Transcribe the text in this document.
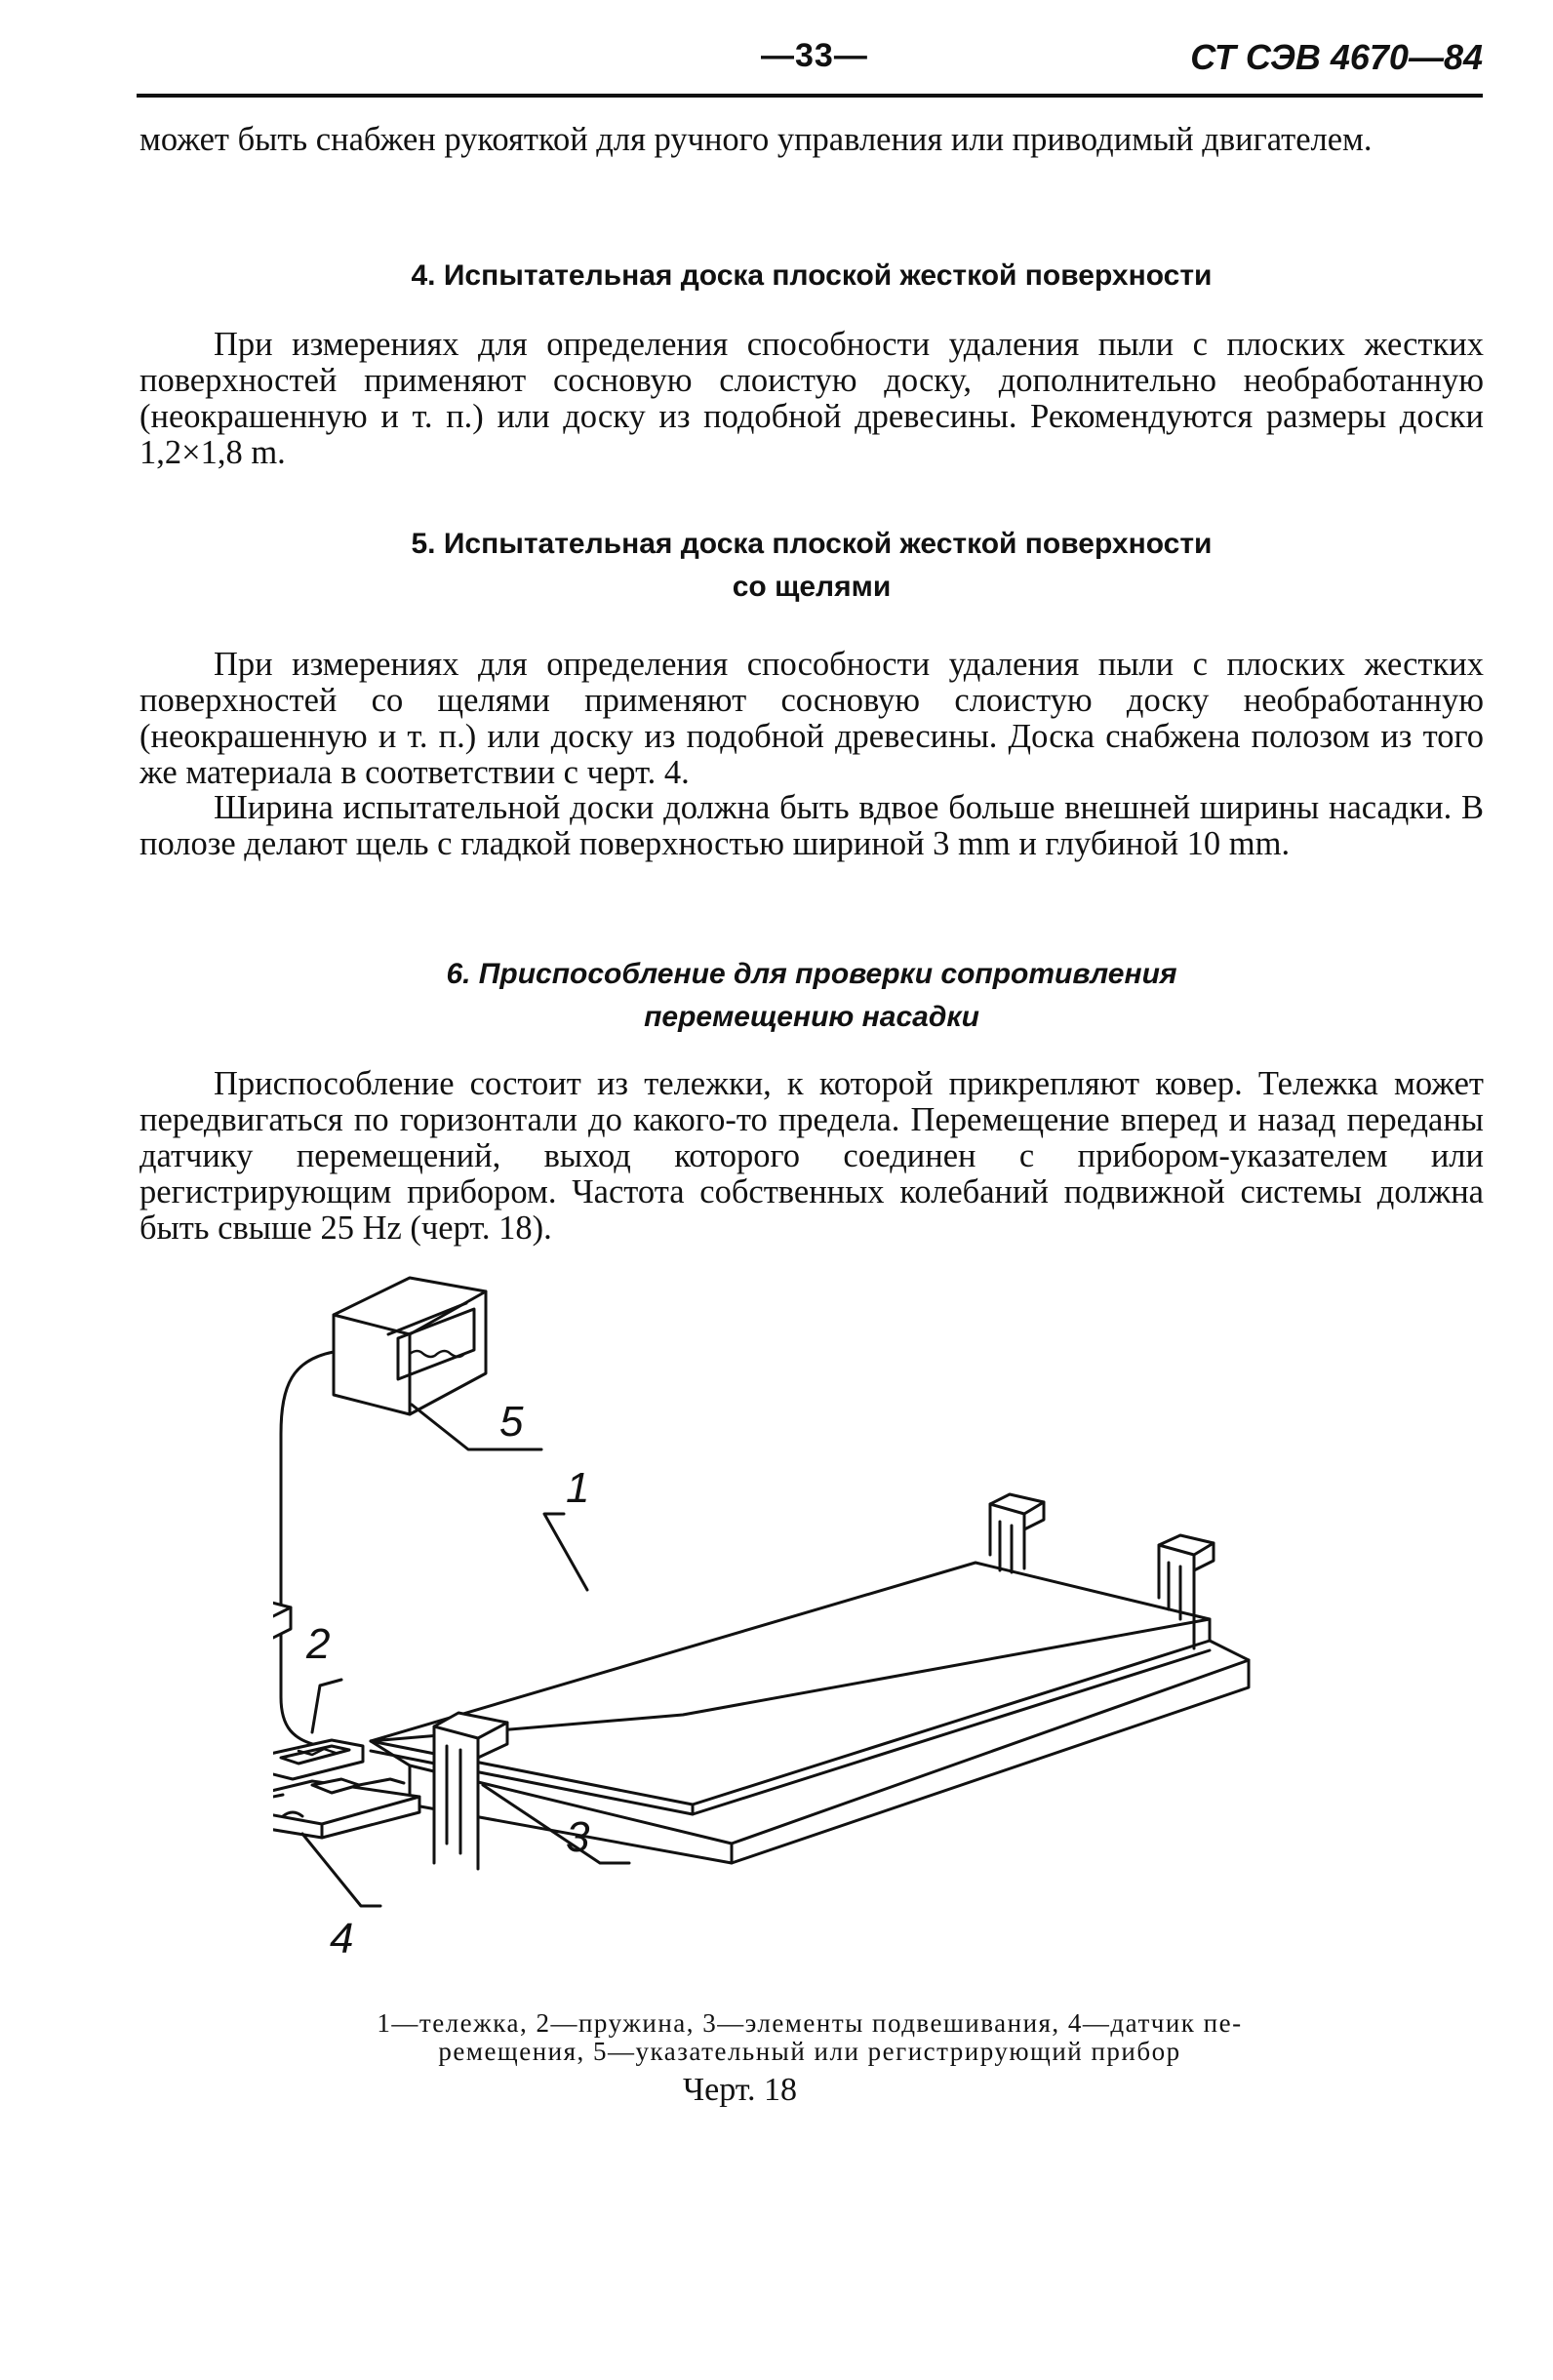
—33—	СТ СЭВ 4670—84

может быть снабжен рукояткой для ручного управления или приводимый двигателем.

4. Испытательная доска плоской жесткой поверхности

При измерениях для определения способности удаления пыли с плоских жестких поверхностей применяют сосновую слоистую доску, дополнительно необработанную (неокрашенную и т. п.) или доску из подобной древесины. Рекомендуются размеры доски 1,2×1,8 m.

5. Испытательная доска плоской жесткой поверхности
со щелями

При измерениях для определения способности удаления пыли с плоских жестких поверхностей со щелями применяют сосновую слоистую доску необработанную (неокрашенную и т. п.) или доску из подобной древесины. Доска снабжена полозом из того же материала в соответствии с черт. 4.

Ширина испытательной доски должна быть вдвое больше внешней ширины насадки. В полозе делают щель с гладкой поверхностью шириной 3 mm и глубиной 10 mm.

6. Приспособление для проверки сопротивления
перемещению насадки

Приспособление состоит из тележки, к которой прикрепляют ковер. Тележка может передвигаться по горизонтали до какого-то предела. Перемещение вперед и назад переданы датчику перемещений, выход которого соединен с прибором-указателем или регистрирующим прибором. Частота собственных колебаний подвижной системы должна быть свыше 25 Hz (черт. 18).

5
1
2
3
4

1—тележка, 2—пружина, 3—элементы подвешивания, 4—датчик пе-
ремещения, 5—указательный или регистрирующий прибор

Черт. 18
